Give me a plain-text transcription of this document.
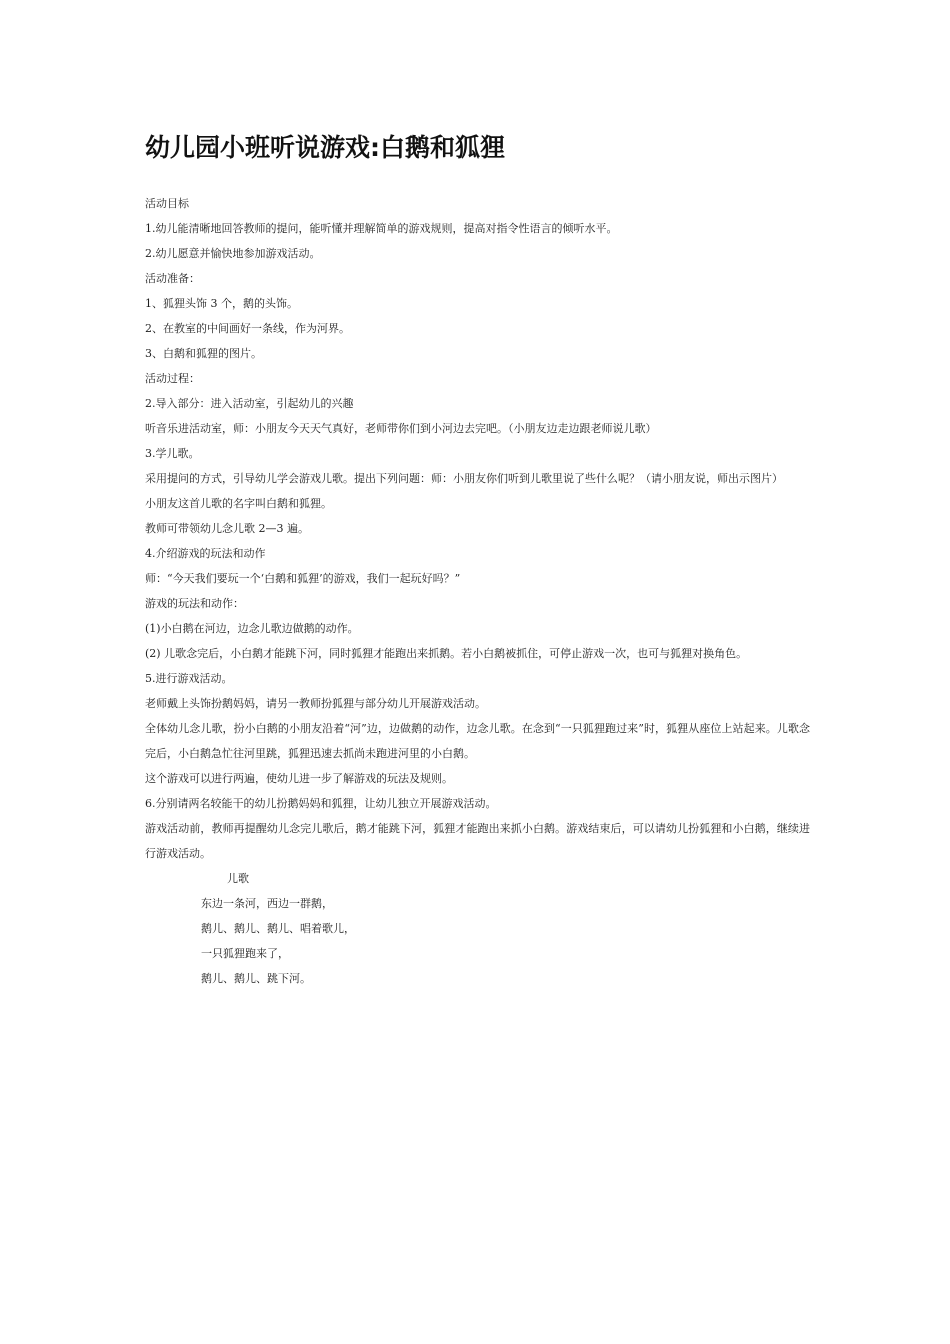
幼儿园小班听说游戏:白鹅和狐狸

活动目标

1.幼儿能清晰地回答教师的提问，能听懂并理解简单的游戏规则，提高对指令性语言的倾听水平。

2.幼儿愿意并愉快地参加游戏活动。

活动准备：

1、狐狸头饰 3 个，鹅的头饰。

2、在教室的中间画好一条线，作为河界。

3、白鹅和狐狸的图片。

活动过程：

2.导入部分：进入活动室，引起幼儿的兴趣

听音乐进活动室，师：小朋友今天天气真好，老师带你们到小河边去完吧。（小朋友边走边跟老师说儿歌）

3.学儿歌。

采用提问的方式，引导幼儿学会游戏儿歌。提出下列问题：师：小朋友你们听到儿歌里说了些什么呢？（请小朋友说，师出示图片）

小朋友这首儿歌的名字叫白鹅和狐狸。

教师可带领幼儿念儿歌 2—3 遍。

4.介绍游戏的玩法和动作

师：“今天我们要玩一个‘白鹅和狐狸’的游戏，我们一起玩好吗？”

游戏的玩法和动作：

(1)小白鹅在河边，边念儿歌边做鹅的动作。

(2) 儿歌念完后，小白鹅才能跳下河，同时狐狸才能跑出来抓鹅。若小白鹅被抓住，可停止游戏一次，也可与狐狸对换角色。

5.进行游戏活动。

老师戴上头饰扮鹅妈妈，请另一教师扮狐狸与部分幼儿开展游戏活动。

全体幼儿念儿歌，扮小白鹅的小朋友沿着“河”边，边做鹅的动作，边念儿歌。在念到“一只狐狸跑过来”时，狐狸从座位上站起来。儿歌念完后，小白鹅急忙往河里跳，狐狸迅速去抓尚未跑进河里的小白鹅。

这个游戏可以进行两遍，使幼儿进一步了解游戏的玩法及规则。

6.分别请两名较能干的幼儿扮鹅妈妈和狐狸，让幼儿独立开展游戏活动。

游戏活动前，教师再提醒幼儿念完儿歌后，鹅才能跳下河，狐狸才能跑出来抓小白鹅。游戏结束后，可以请幼儿扮狐狸和小白鹅，继续进行游戏活动。

儿歌

东边一条河，西边一群鹅，

鹅儿、鹅儿、鹅儿、唱着歌儿，

一只狐狸跑来了，

鹅儿、鹅儿、跳下河。
